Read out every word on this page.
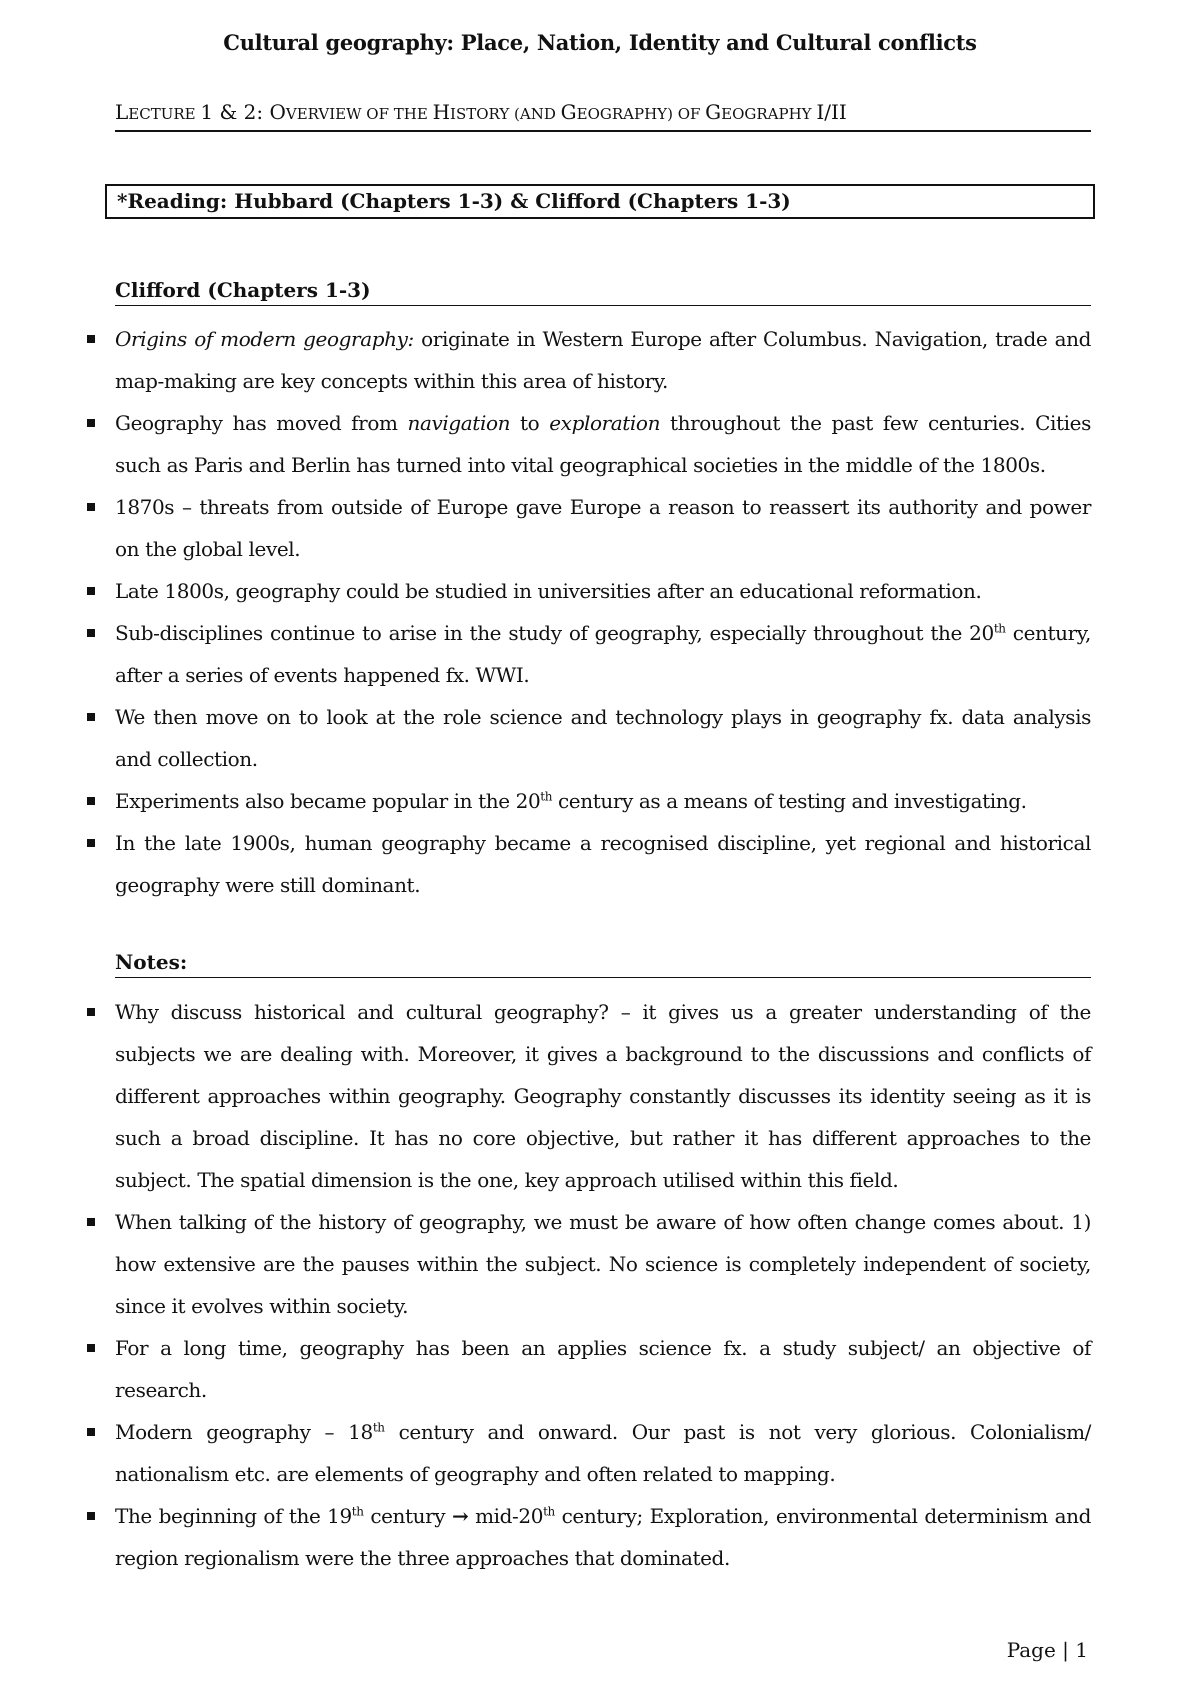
Cultural geography: Place, Nation, Identity and Cultural conflicts
LECTURE 1 & 2: OVERVIEW OF THE HISTORY (AND GEOGRAPHY) OF GEOGRAPHY I/II
*Reading: Hubbard (Chapters 1-3) & Clifford (Chapters 1-3)
Clifford (Chapters 1-3)
Origins of modern geography: originate in Western Europe after Columbus. Navigation, trade and map-making are key concepts within this area of history.
Geography has moved from navigation to exploration throughout the past few centuries. Cities such as Paris and Berlin has turned into vital geographical societies in the middle of the 1800s.
1870s – threats from outside of Europe gave Europe a reason to reassert its authority and power on the global level.
Late 1800s, geography could be studied in universities after an educational reformation.
Sub-disciplines continue to arise in the study of geography, especially throughout the 20th century, after a series of events happened fx. WWI.
We then move on to look at the role science and technology plays in geography fx. data analysis and collection.
Experiments also became popular in the 20th century as a means of testing and investigating.
In the late 1900s, human geography became a recognised discipline, yet regional and historical geography were still dominant.
Notes:
Why discuss historical and cultural geography? – it gives us a greater understanding of the subjects we are dealing with. Moreover, it gives a background to the discussions and conflicts of different approaches within geography. Geography constantly discusses its identity seeing as it is such a broad discipline. It has no core objective, but rather it has different approaches to the subject. The spatial dimension is the one, key approach utilised within this field.
When talking of the history of geography, we must be aware of how often change comes about. 1) how extensive are the pauses within the subject. No science is completely independent of society, since it evolves within society.
For a long time, geography has been an applies science fx. a study subject/ an objective of research.
Modern geography – 18th century and onward. Our past is not very glorious. Colonialism/ nationalism etc. are elements of geography and often related to mapping.
The beginning of the 19th century → mid-20th century; Exploration, environmental determinism and region regionalism were the three approaches that dominated.
Page | 1
